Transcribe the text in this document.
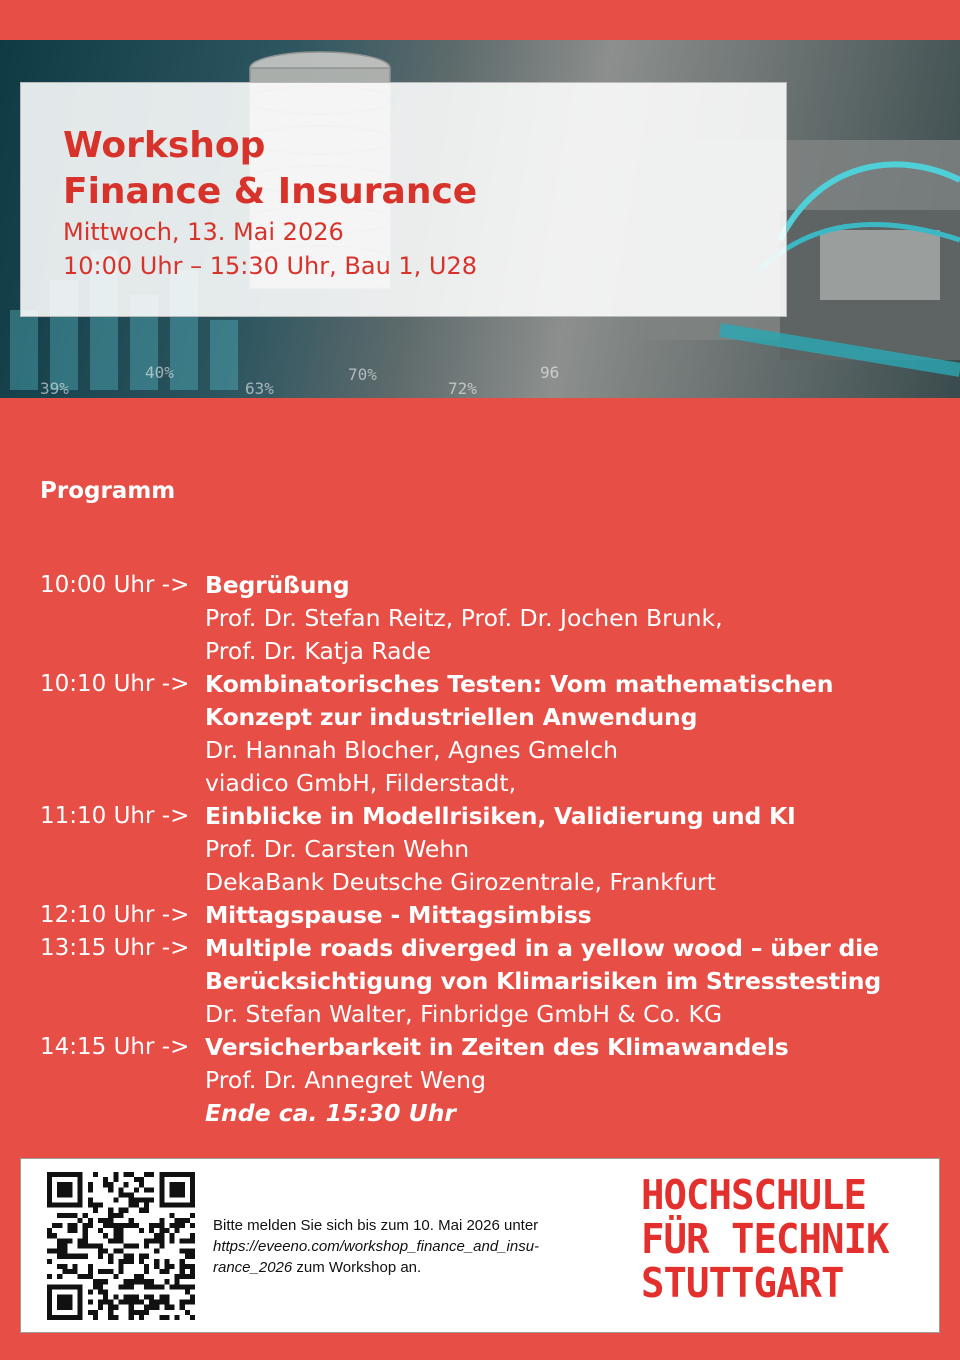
40%
39%	63%
70%
72%
96
Workshop
Finance & Insurance
Mittwoch, 13. Mai 2026
10:00 Uhr – 15:30 Uhr, Bau 1, U28
Programm
10:00 Uhr -> Begrüßung
Prof. Dr. Stefan Reitz, Prof. Dr. Jochen Brunk,
Prof. Dr. Katja Rade
10:10 Uhr -> Kombinatorisches Testen: Vom mathematischen
Konzept zur industriellen Anwendung
Dr. Hannah Blocher, Agnes Gmelch
viadico GmbH, Filderstadt,
11:10 Uhr -> Einblicke in Modellrisiken, Validierung und KI
Prof. Dr. Carsten Wehn
DekaBank Deutsche Girozentrale, Frankfurt
12:10 Uhr -> Mittagspause - Mittagsimbiss
13:15 Uhr -> Multiple roads diverged in a yellow wood – über die
Berücksichtigung von Klimarisiken im Stresstesting
Dr. Stefan Walter, Finbridge GmbH & Co. KG
14:15 Uhr -> Versicherbarkeit in Zeiten des Klimawandels
Prof. Dr. Annegret Weng
Ende ca. 15:30 Uhr
Bitte melden Sie sich bis zum 10. Mai 2026 unter
https://eveeno.com/workshop_finance_and_insu-
rance_2026 zum Workshop an.
HOCHSCHULE
FÜR TECHNIK
STUTTGART
